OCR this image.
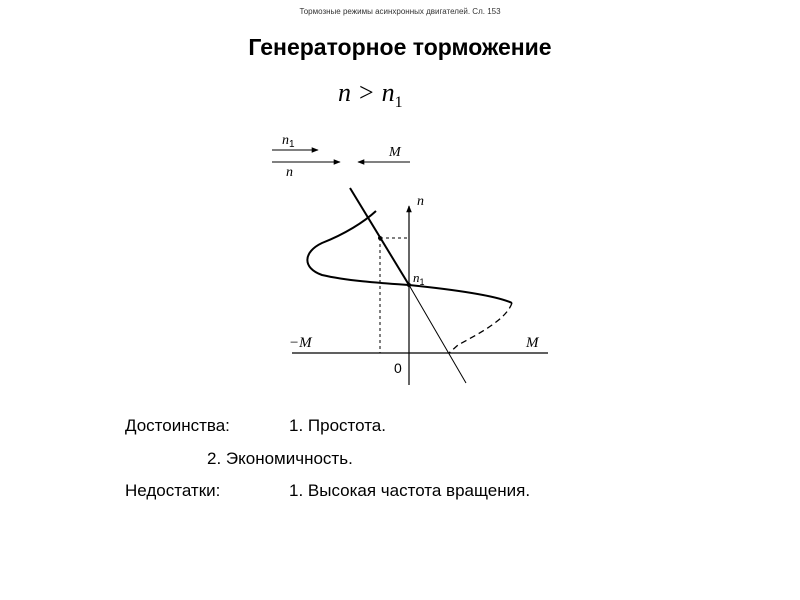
Тормозные режимы асинхронных двигателей. Сл. 153
Генераторное торможение
$n > n_1$
$n_1$
n
M
n
M
−M
0
$n_1$
Достоинства:	1. Простота.
2. Экономичность.
Недостатки:	1. Высокая частота вращения.
